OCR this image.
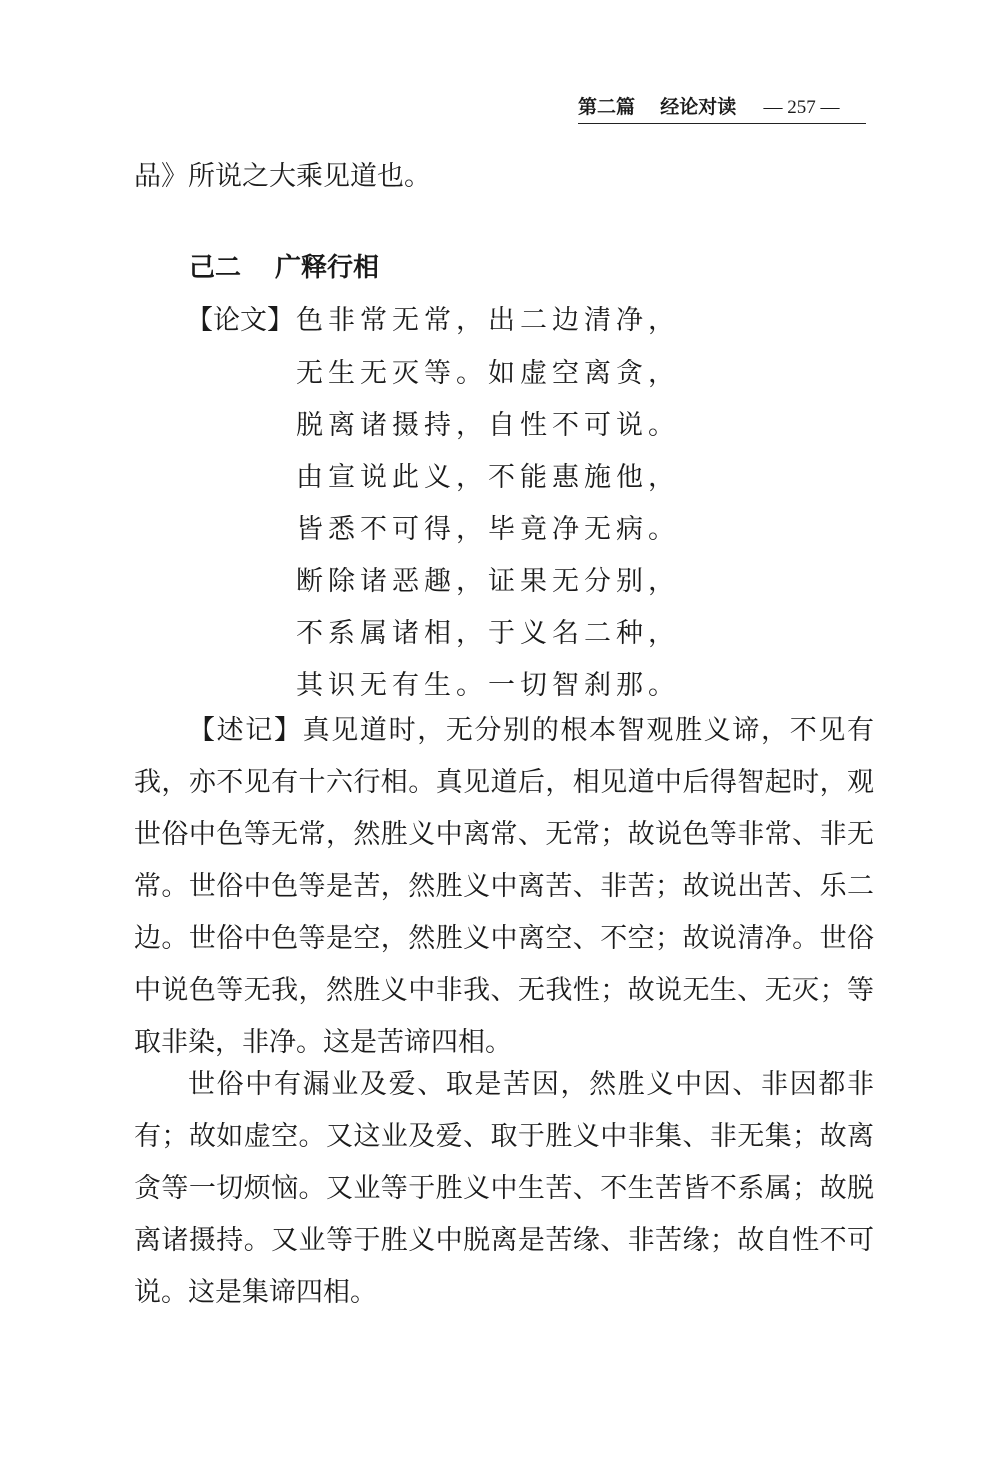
第二篇 经论对读 — 257 —
品》所说之大乘见道也。
己二 广释行相
【论文】 色非常无常，出二边清净，
无生无灭等。如虚空离贪，
脱离诸摄持，自性不可说。
由宣说此义，不能惠施他，
皆悉不可得，毕竟净无病。
断除诸恶趣，证果无分别，
不系属诸相，于义名二种，
其识无有生。一切智刹那。
【述记】真见道时，无分别的根本智观胜义谛，不见有我，亦不见有十六行相。真见道后，相见道中后得智起时，观世俗中色等无常，然胜义中离常、无常；故说色等非常、非无常。世俗中色等是苦，然胜义中离苦、非苦；故说出苦、乐二边。世俗中色等是空，然胜义中离空、不空；故说清净。世俗中说色等无我，然胜义中非我、无我性；故说无生、无灭；等取非染，非净。这是苦谛四相。
世俗中有漏业及爱、取是苦因，然胜义中因、非因都非有；故如虚空。又这业及爱、取于胜义中非集、非无集；故离贪等一切烦恼。又业等于胜义中生苦、不生苦皆不系属；故脱离诸摄持。又业等于胜义中脱离是苦缘、非苦缘；故自性不可说。这是集谛四相。
